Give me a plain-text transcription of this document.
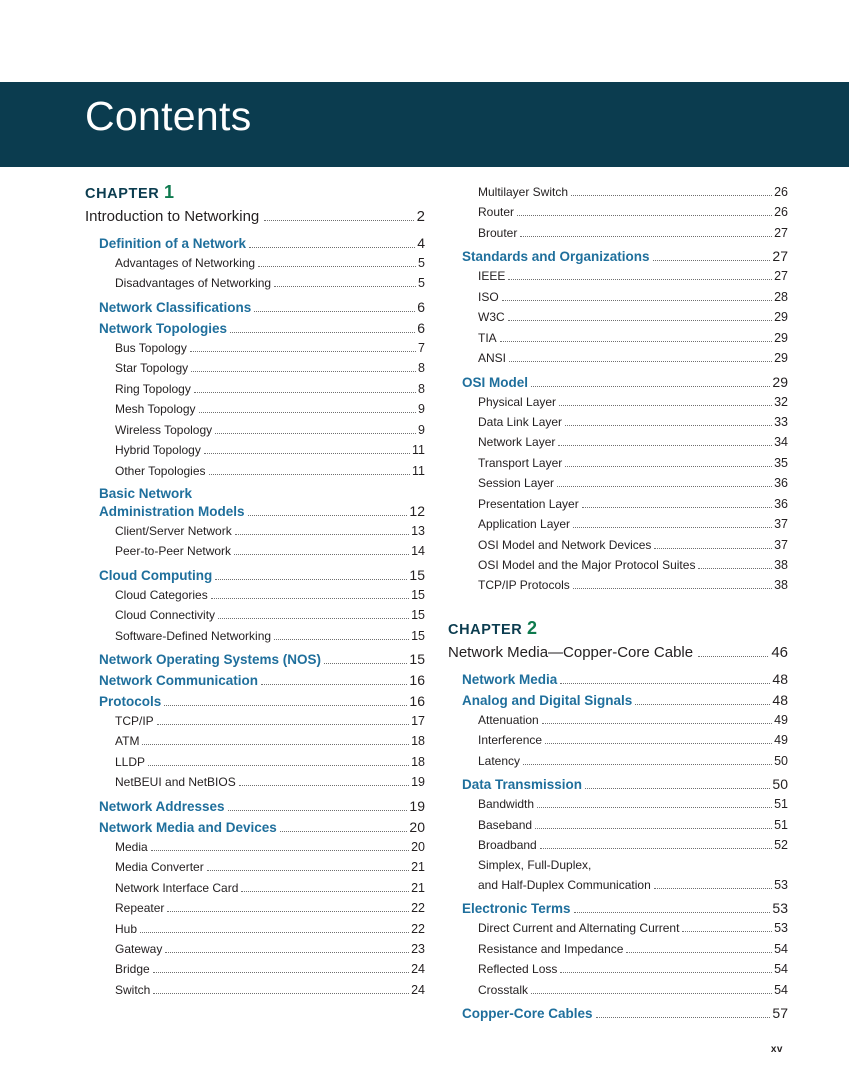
Contents
CHAPTER 1
Introduction to Networking	2
Definition of a Network	4
Advantages of Networking	5
Disadvantages of Networking	5
Network Classifications	6
Network Topologies	6
Bus Topology	7
Star Topology	8
Ring Topology	8
Mesh Topology	9
Wireless Topology	9
Hybrid Topology	11
Other Topologies	11
Basic Network
Administration Models	12
Client/Server Network	13
Peer-to-Peer Network	14
Cloud Computing	15
Cloud Categories	15
Cloud Connectivity	15
Software-Defined Networking	15
Network Operating Systems (NOS)	15
Network Communication	16
Protocols	16
TCP/IP	17
ATM	18
LLDP	18
NetBEUI and NetBIOS	19
Network Addresses	19
Network Media and Devices	20
Media	20
Media Converter	21
Network Interface Card	21
Repeater	22
Hub	22
Gateway	23
Bridge	24
Switch	24
Multilayer Switch	26
Router	26
Brouter	27
Standards and Organizations	27
IEEE	27
ISO	28
W3C	29
TIA	29
ANSI	29
OSI Model	29
Physical Layer	32
Data Link Layer	33
Network Layer	34
Transport Layer	35
Session Layer	36
Presentation Layer	36
Application Layer	37
OSI Model and Network Devices	37
OSI Model and the Major Protocol Suites	38
TCP/IP Protocols	38
CHAPTER 2
Network Media—Copper-Core Cable	46
Network Media	48
Analog and Digital Signals	48
Attenuation	49
Interference	49
Latency	50
Data Transmission	50
Bandwidth	51
Baseband	51
Broadband	52
Simplex, Full-Duplex,
and Half-Duplex Communication	53
Electronic Terms	53
Direct Current and Alternating Current	53
Resistance and Impedance	54
Reflected Loss	54
Crosstalk	54
Copper-Core Cables	57
xv
